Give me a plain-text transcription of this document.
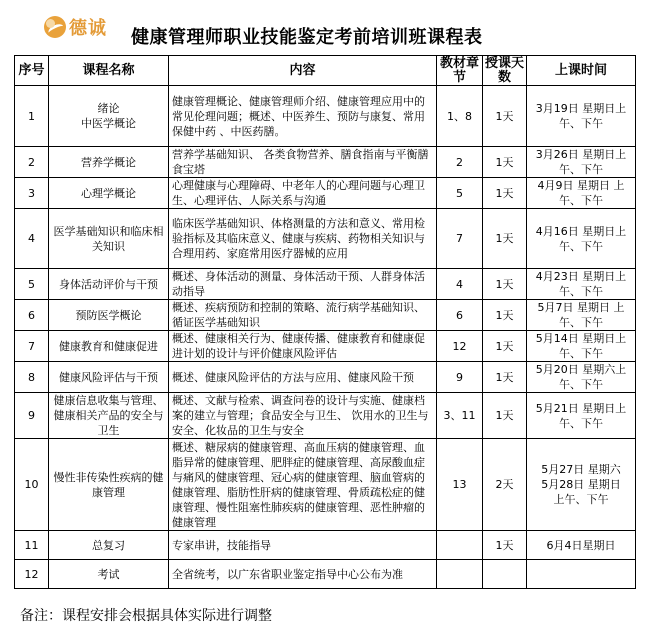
德诚 健康管理师职业技能鉴定考前培训班课程表
序号	课程名称	内容	教材章节	授课天数	上课时间
1	绪论
中医学概论	健康管理概论、健康管理师介绍、健康管理应用中的常见伦理问题；概述、中医养生、预防与康复、常用保健中药 、中医药膳。	1、8	1天	3月19日 星期日上午、下午
2	营养学概论	营养学基础知识、 各类食物营养、膳食指南与平衡膳食宝塔	2	1天	3月26日 星期日上午、下午
3	心理学概论	心理健康与心理障碍、中老年人的心理问题与心理卫生、心理评估、人际关系与沟通	5	1天	4月9日 星期日 上午、下午
4	医学基础知识和临床相关知识	临床医学基础知识、体格测量的方法和意义、常用检验指标及其临床意义、健康与疾病、药物相关知识与合理用药、家庭常用医疗器械的应用	7	1天	4月16日 星期日上午、下午
5	身体活动评价与干预	概述、身体活动的测量、身体活动干预、人群身体活动指导	4	1天	4月23日 星期日上午、下午
6	预防医学概论	概述、疾病预防和控制的策略、流行病学基础知识、循证医学基础知识	6	1天	5月7日 星期日 上午、下午
7	健康教育和健康促进	概述、健康相关行为、健康传播、健康教育和健康促进计划的设计与评价健康风险评估	12	1天	5月14日 星期日上午、下午
8	健康风险评估与干预	概述、健康风险评估的方法与应用、健康风险干预	9	1天	5月20日 星期六上午、下午
9	健康信息收集与管理、健康相关产品的安全与卫生	概述、文献与检索、调查问卷的设计与实施、健康档案的建立与管理；食品安全与卫生、 饮用水的卫生与安全、化妆品的卫生与安全	3、11	1天	5月21日 星期日上午、下午
10	慢性非传染性疾病的健康管理	概述、糖尿病的健康管理、高血压病的健康管理、血脂异常的健康管理、肥胖症的健康管理、高尿酸血症与痛风的健康管理、冠心病的健康管理、脑血管病的健康管理、脂肪性肝病的健康管理、骨质疏松症的健康管理、慢性阻塞性肺疾病的健康管理、恶性肿瘤的健康管理	13	2天	5月27日 星期六
5月28日 星期日
上午、下午
11	总复习	专家串讲，技能指导		1天	6月4日星期日
12	考试	全省统考，以广东省职业鉴定指导中心公布为准			
备注：课程安排会根据具体实际进行调整
